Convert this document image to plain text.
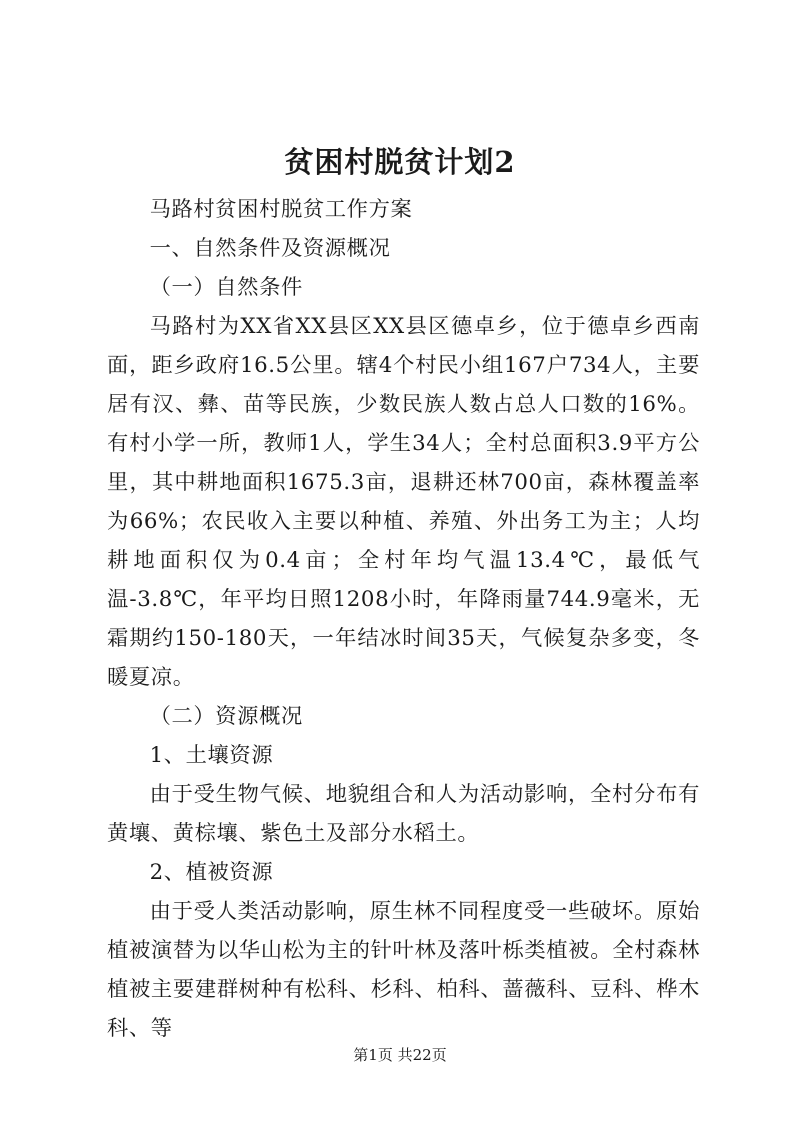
贫困村脱贫计划2

马路村贫困村脱贫工作方案

一、自然条件及资源概况

（一）自然条件

马路村为XX省XX县区XX县区德卓乡，位于德卓乡西南面，距乡政府16.5公里。辖4个村民小组167户734人，主要居有汉、彝、苗等民族，少数民族人数占总人口数的16%。有村小学一所，教师1人，学生34人；全村总面积3.9平方公里，其中耕地面积1675.3亩，退耕还林700亩，森林覆盖率为66%；农民收入主要以种植、养殖、外出务工为主；人均耕地面积仅为0.4亩；全村年均气温13.4℃，最低气温-3.8℃，年平均日照1208小时，年降雨量744.9毫米，无霜期约150-180天，一年结冰时间35天，气候复杂多变，冬暖夏凉。

（二）资源概况

1、土壤资源

由于受生物气候、地貌组合和人为活动影响，全村分布有黄壤、黄棕壤、紫色土及部分水稻土。

2、植被资源

由于受人类活动影响，原生林不同程度受一些破坏。原始植被演替为以华山松为主的针叶林及落叶栎类植被。全村森林植被主要建群树种有松科、杉科、柏科、蔷薇科、豆科、桦木科、等

第1页 共22页
